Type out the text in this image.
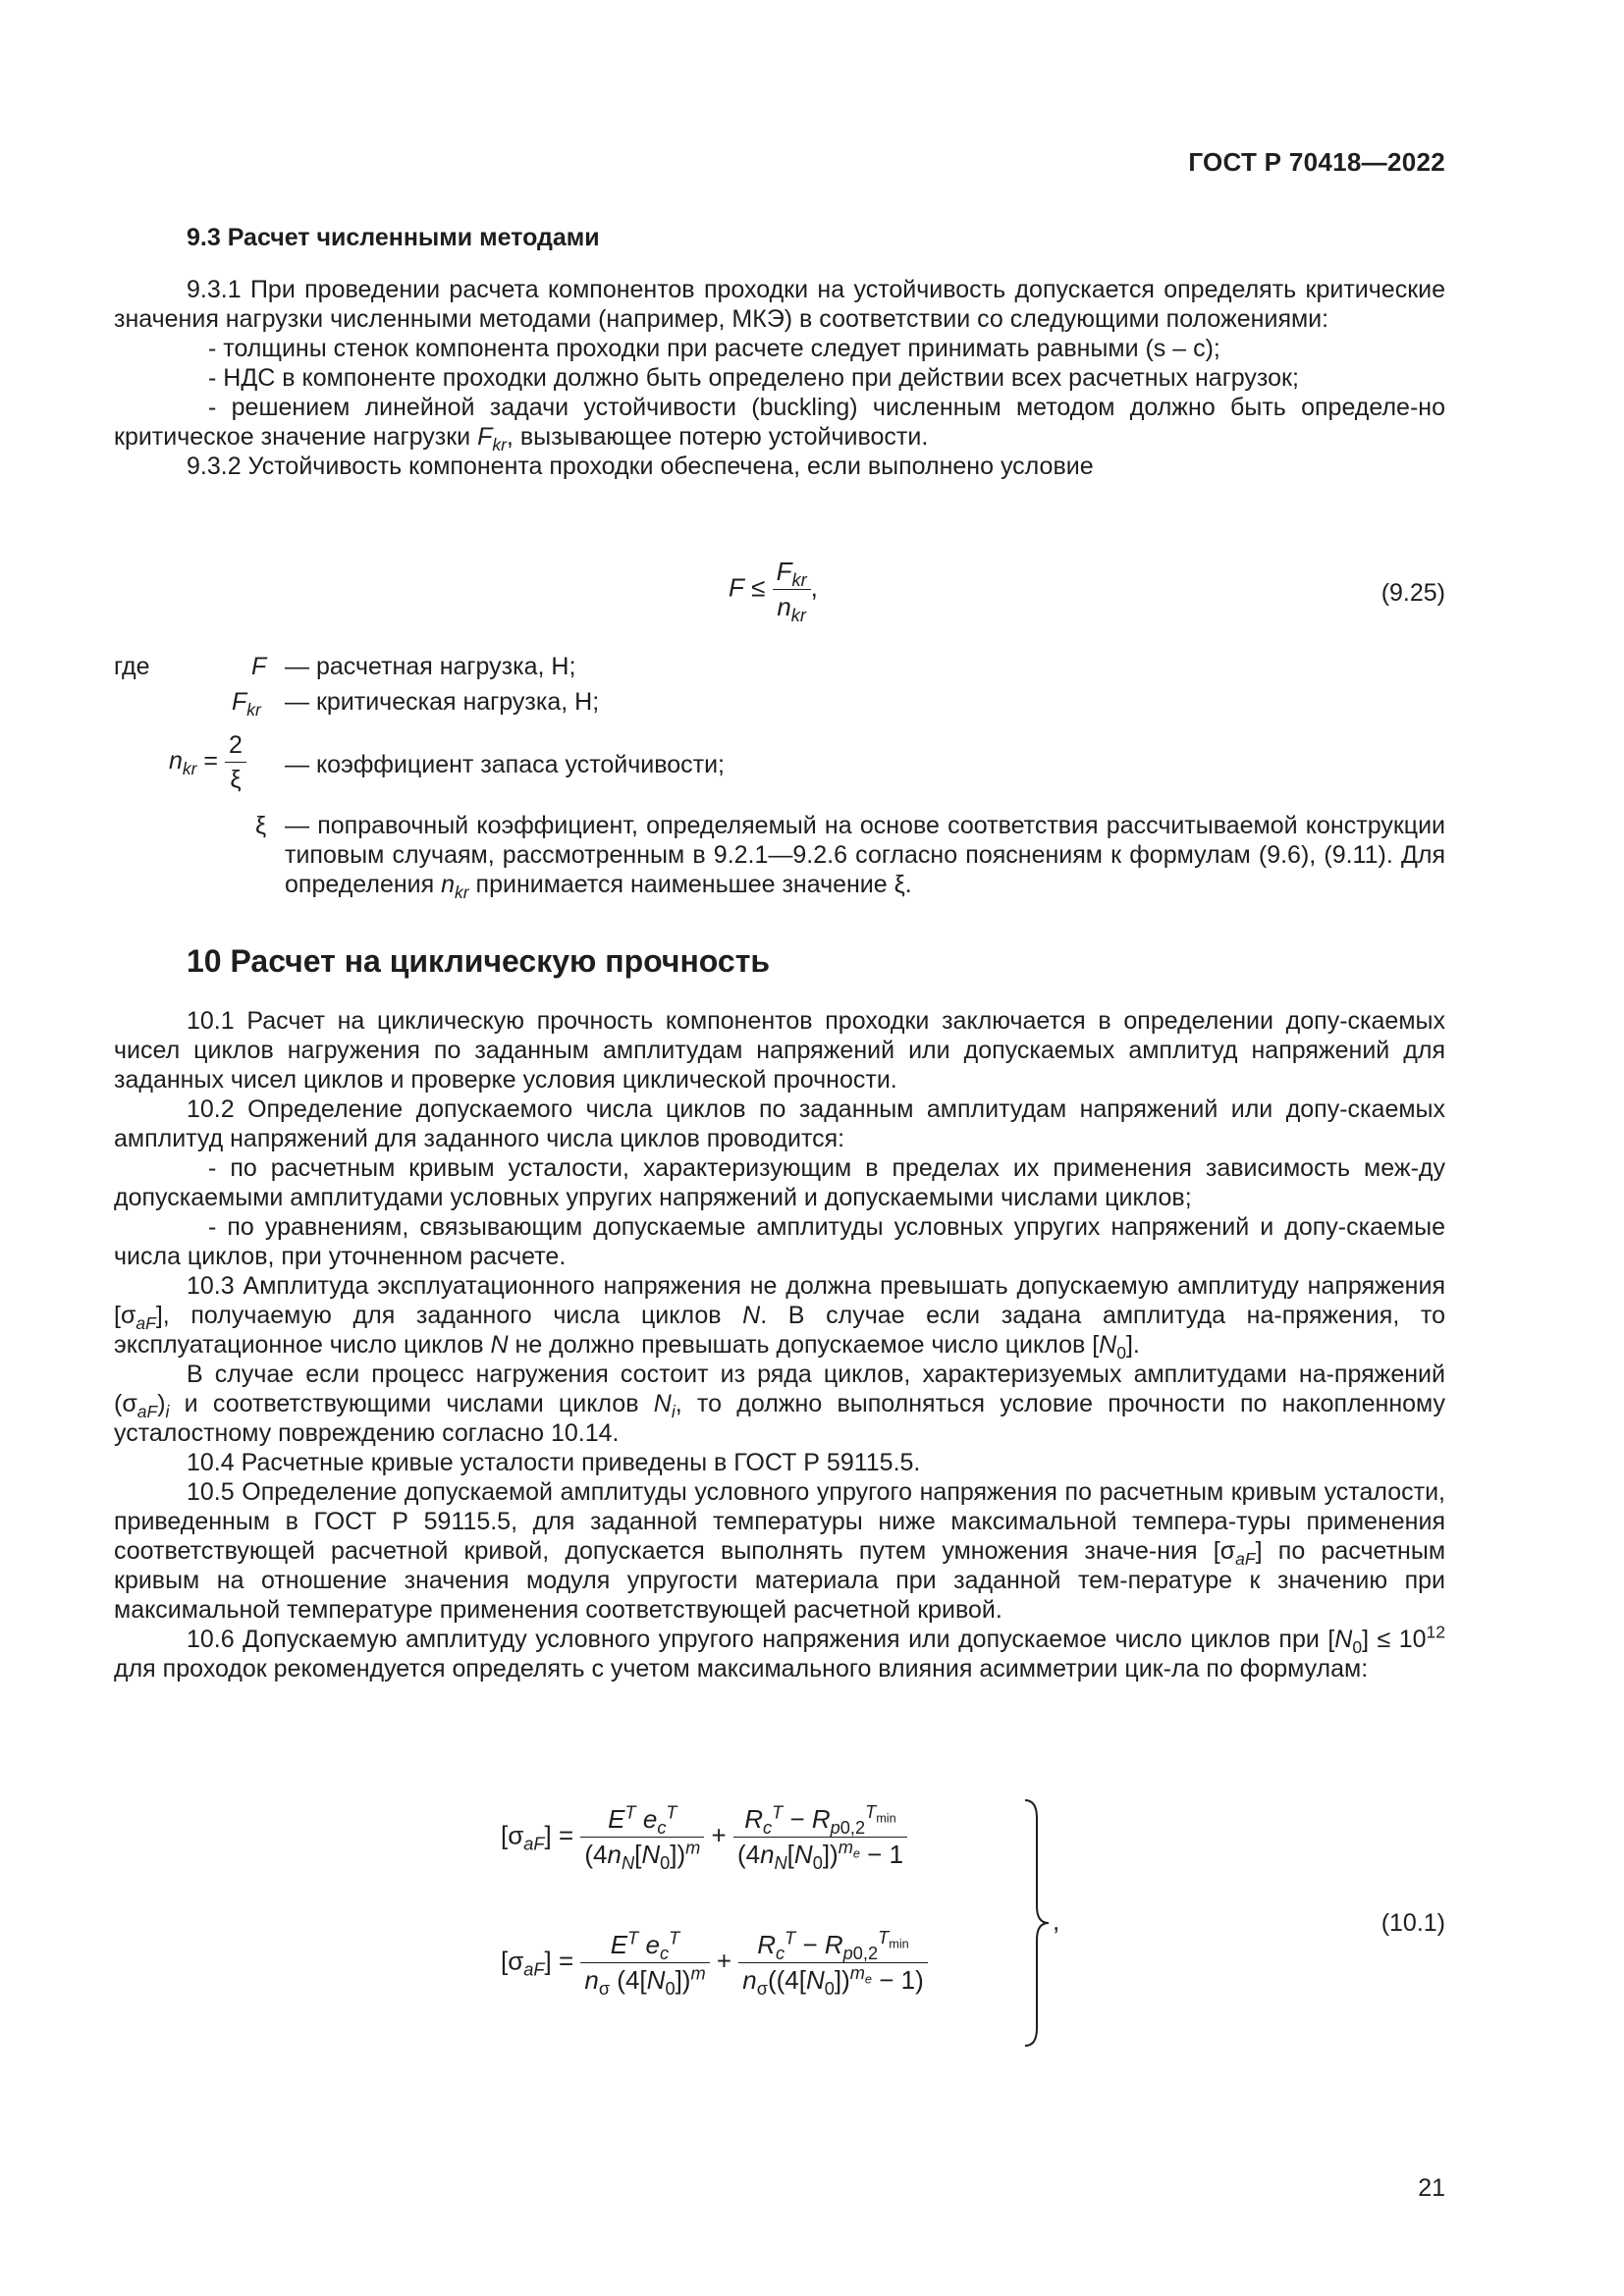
ГОСТ Р 70418—2022
9.3 Расчет численными методами

9.3.1 При проведении расчета компонентов проходки на устойчивость допускается определять критические значения нагрузки численными методами (например, МКЭ) в соответствии со следующими положениями:

- толщины стенок компонента проходки при расчете следует принимать равными (s – c);

- НДС в компоненте проходки должно быть определено при действии всех расчетных нагрузок;

- решением линейной задачи устойчивости (buckling) численным методом должно быть определе-но критическое значение нагрузки $F_{kr}$, вызывающее потерю устойчивости.

9.3.2 Устойчивость компонента проходки обеспечена, если выполнено условие

$F \le \frac{F_{kr}}{n_{kr}}$ ,	(9.25)
где	F — расчетная нагрузка, Н;
$F_{kr}$ — критическая нагрузка, Н;
$n_{kr} = \frac{2}{\xi}$ — коэффициент запаса устойчивости;
ξ — поправочный коэффициент, определяемый на основе соответствия рассчитываемой конструкции типовым случаям, рассмотренным в 9.2.1—9.2.6 согласно пояснениям к формулам (9.6), (9.11). Для определения $n_{kr}$ принимается наименьшее значение ξ.
10 Расчет на циклическую прочность

10.1 Расчет на циклическую прочность компонентов проходки заключается в определении допу-скаемых чисел циклов нагружения по заданным амплитудам напряжений или допускаемых амплитуд напряжений для заданных чисел циклов и проверке условия циклической прочности.

10.2 Определение допускаемого числа циклов по заданным амплитудам напряжений или допу-скаемых амплитуд напряжений для заданного числа циклов проводится:

- по расчетным кривым усталости, характеризующим в пределах их применения зависимость меж-ду допускаемыми амплитудами условных упругих напряжений и допускаемыми числами циклов;

- по уравнениям, связывающим допускаемые амплитуды условных упругих напряжений и допу-скаемые числа циклов, при уточненном расчете.

10.3 Амплитуда эксплуатационного напряжения не должна превышать допускаемую амплитуду напряжения $[\sigma_{aF}]$, получаемую для заданного числа циклов N. В случае если задана амплитуда на-пряжения, то эксплуатационное число циклов N не должно превышать допускаемое число циклов $[N_0]$.

В случае если процесс нагружения состоит из ряда циклов, характеризуемых амплитудами на-пряжений $(\sigma_{aF})_i$ и соответствующими числами циклов $N_i$, то должно выполняться условие прочности по накопленному усталостному повреждению согласно 10.14.

10.4 Расчетные кривые усталости приведены в ГОСТ Р 59115.5.

10.5 Определение допускаемой амплитуды условного упругого напряжения по расчетным кривым усталости, приведенным в ГОСТ Р 59115.5, для заданной температуры ниже максимальной темпера-туры применения соответствующей расчетной кривой, допускается выполнять путем умножения значе-ния $[\sigma_{aF}]$ по расчетным кривым на отношение значения модуля упругости материала при заданной тем-пературе к значению при максимальной температуре применения соответствующей расчетной кривой.

10.6 Допускаемую амплитуду условного упругого напряжения или допускаемое число циклов при $[N_0] \le 10^{12}$ для проходок рекомендуется определять с учетом максимального влияния асимметрии цик-ла по формулам:

$[\sigma_{aF}] = \frac{E^T e_c^T}{(4n_N[N_0])^m} + \frac{R_c^T - R_{p0,2}^{T_{min}}}{(4n_N[N_0])^{m_e} - 1}$
$[\sigma_{aF}] = \frac{E^T e_c^T}{n_\sigma (4[N_0])^m} + \frac{R_c^T - R_{p0,2}^{T_{min}}}{n_\sigma((4[N_0])^{m_e} - 1)}$
,	(10.1)
21
